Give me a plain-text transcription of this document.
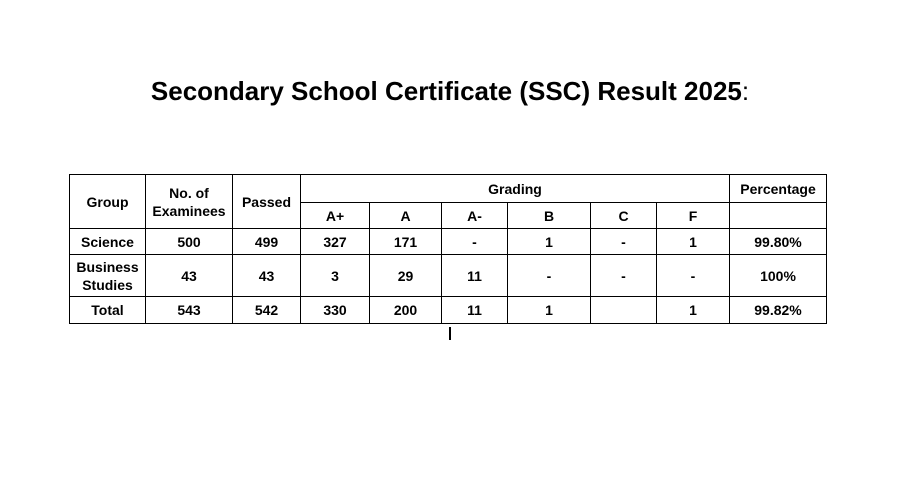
Secondary School Certificate (SSC) Result 2025:
Group	No. of Examinees	Passed	Grading						Percentage
			A+	A	A-	B	C	F	
Science	500	499	327	171	-	1	-	1	99.80%
Business Studies	43	43	3	29	11	-	-	-	100%
Total	543	542	330	200	11	1		1	99.82%
